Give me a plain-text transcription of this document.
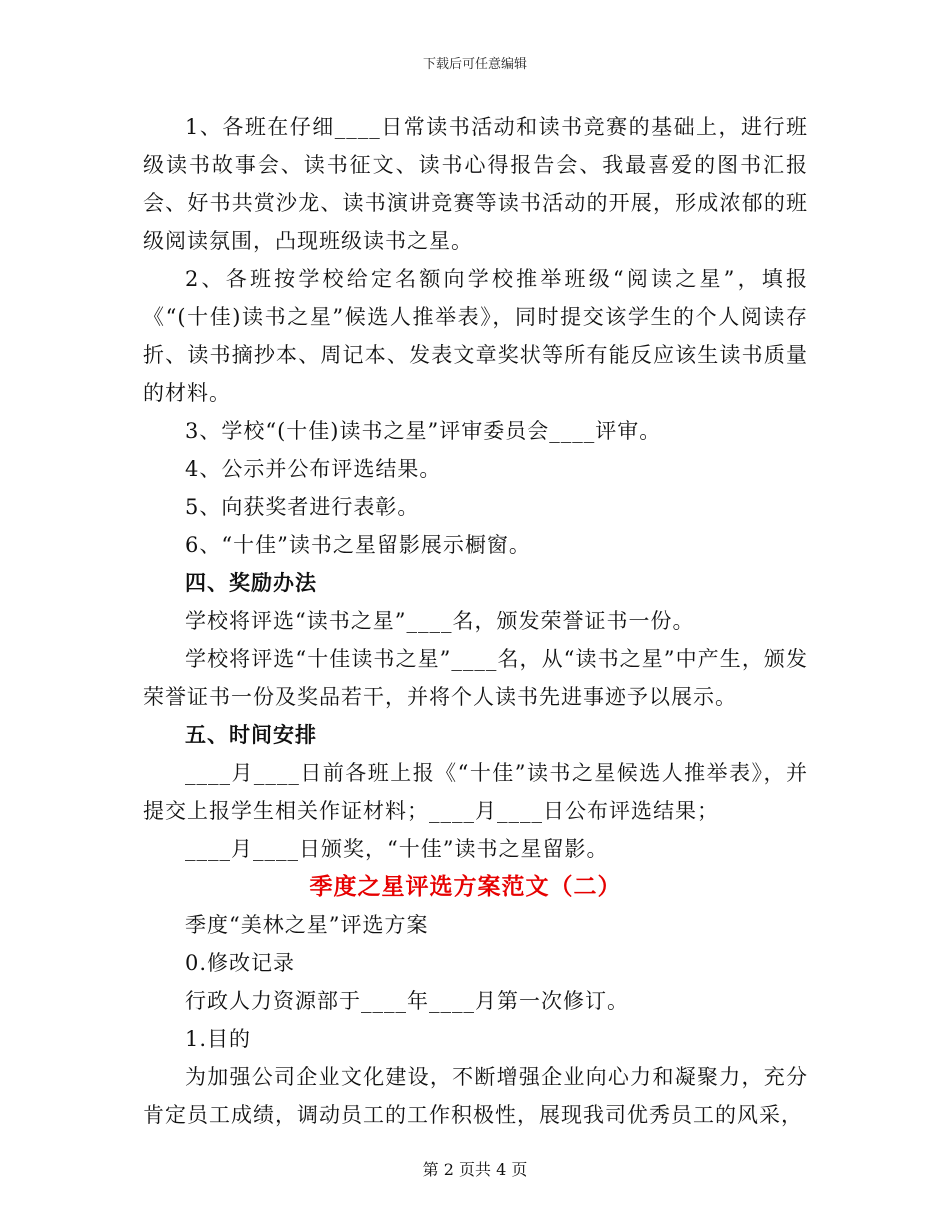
下载后可任意编辑

1、各班在仔细____日常读书活动和读书竞赛的基础上，进行班级读书故事会、读书征文、读书心得报告会、我最喜爱的图书汇报会、好书共赏沙龙、读书演讲竞赛等读书活动的开展，形成浓郁的班级阅读氛围，凸现班级读书之星。

2、各班按学校给定名额向学校推举班级“阅读之星”，填报《“(十佳)读书之星”候选人推举表》，同时提交该学生的个人阅读存折、读书摘抄本、周记本、发表文章奖状等所有能反应该生读书质量的材料。

3、学校“(十佳)读书之星”评审委员会____评审。

4、公示并公布评选结果。

5、向获奖者进行表彰。

6、“十佳”读书之星留影展示橱窗。

四、奖励办法

学校将评选“读书之星”____名，颁发荣誉证书一份。

学校将评选“十佳读书之星”____名，从“读书之星”中产生，颁发荣誉证书一份及奖品若干，并将个人读书先进事迹予以展示。

五、时间安排

____月____日前各班上报《“十佳”读书之星候选人推举表》，并提交上报学生相关作证材料；____月____日公布评选结果；

____月____日颁奖，“十佳”读书之星留影。

季度之星评选方案范文（二）

季度“美林之星”评选方案

0.修改记录

行政人力资源部于____年____月第一次修订。

1.目的

为加强公司企业文化建设，不断增强企业向心力和凝聚力，充分肯定员工成绩，调动员工的工作积极性，展现我司优秀员工的风采，

第 2 页共 4 页
